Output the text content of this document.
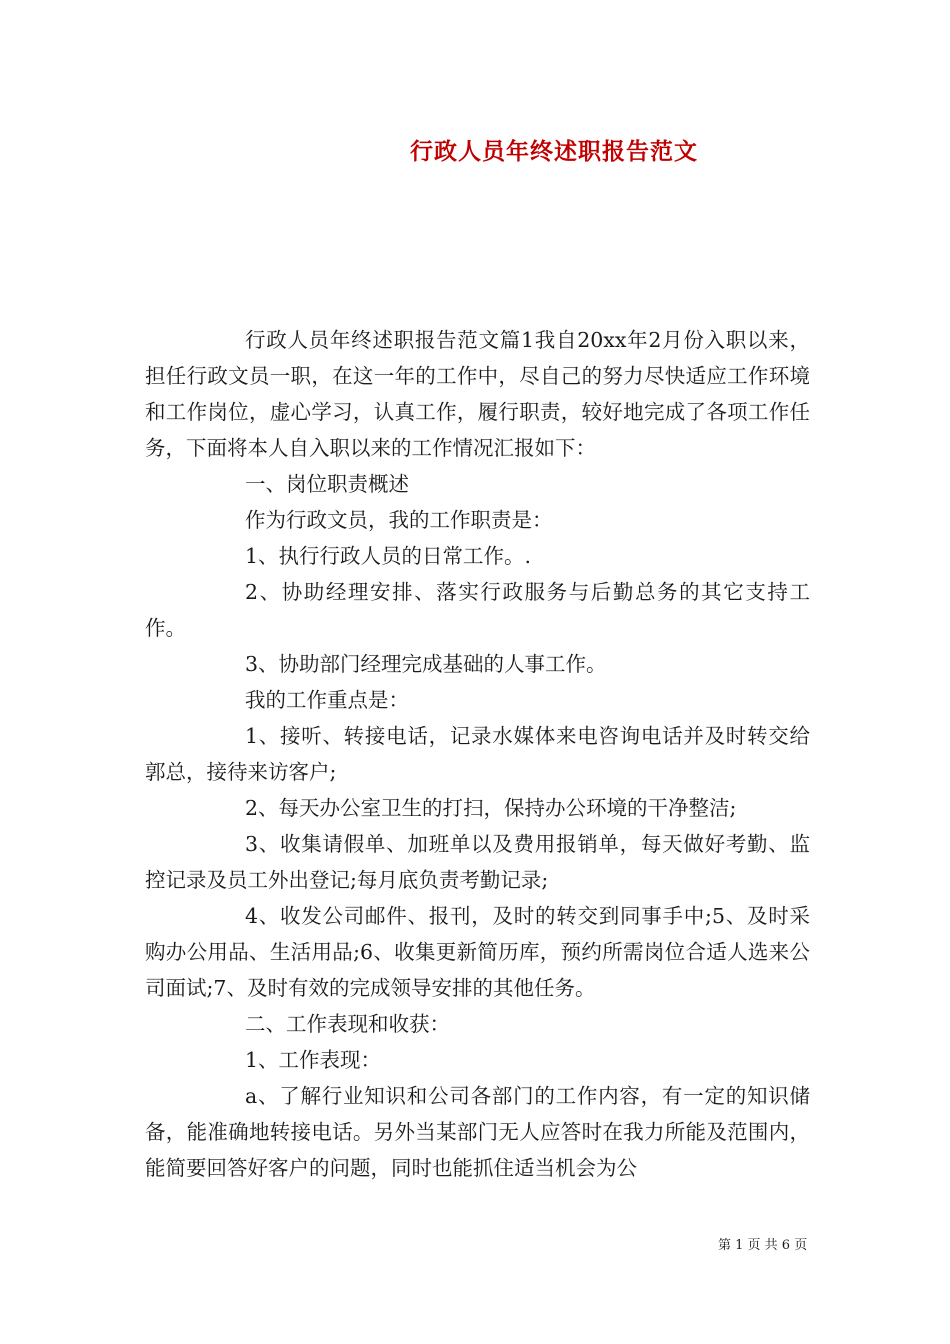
行政人员年终述职报告范文

行政人员年终述职报告范文篇1我自20xx年2月份入职以来，担任行政文员一职，在这一年的工作中，尽自己的努力尽快适应工作环境和工作岗位，虚心学习，认真工作，履行职责，较好地完成了各项工作任务，下面将本人自入职以来的工作情况汇报如下：

一、岗位职责概述

作为行政文员，我的工作职责是：

1、执行行政人员的日常工作。.

2、协助经理安排、落实行政服务与后勤总务的其它支持工作。

3、协助部门经理完成基础的人事工作。

我的工作重点是：

1、接听、转接电话，记录水媒体来电咨询电话并及时转交给郭总，接待来访客户;

2、每天办公室卫生的打扫，保持办公环境的干净整洁;

3、收集请假单、加班单以及费用报销单，每天做好考勤、监控记录及员工外出登记;每月底负责考勤记录;

4、收发公司邮件、报刊，及时的转交到同事手中;5、及时采购办公用品、生活用品;6、收集更新简历库，预约所需岗位合适人选来公司面试;7、及时有效的完成领导安排的其他任务。

二、工作表现和收获：

1、工作表现：

a、了解行业知识和公司各部门的工作内容，有一定的知识储备，能准确地转接电话。另外当某部门无人应答时在我力所能及范围内，能简要回答好客户的问题，同时也能抓住适当机会为公

第 1 页 共 6 页
